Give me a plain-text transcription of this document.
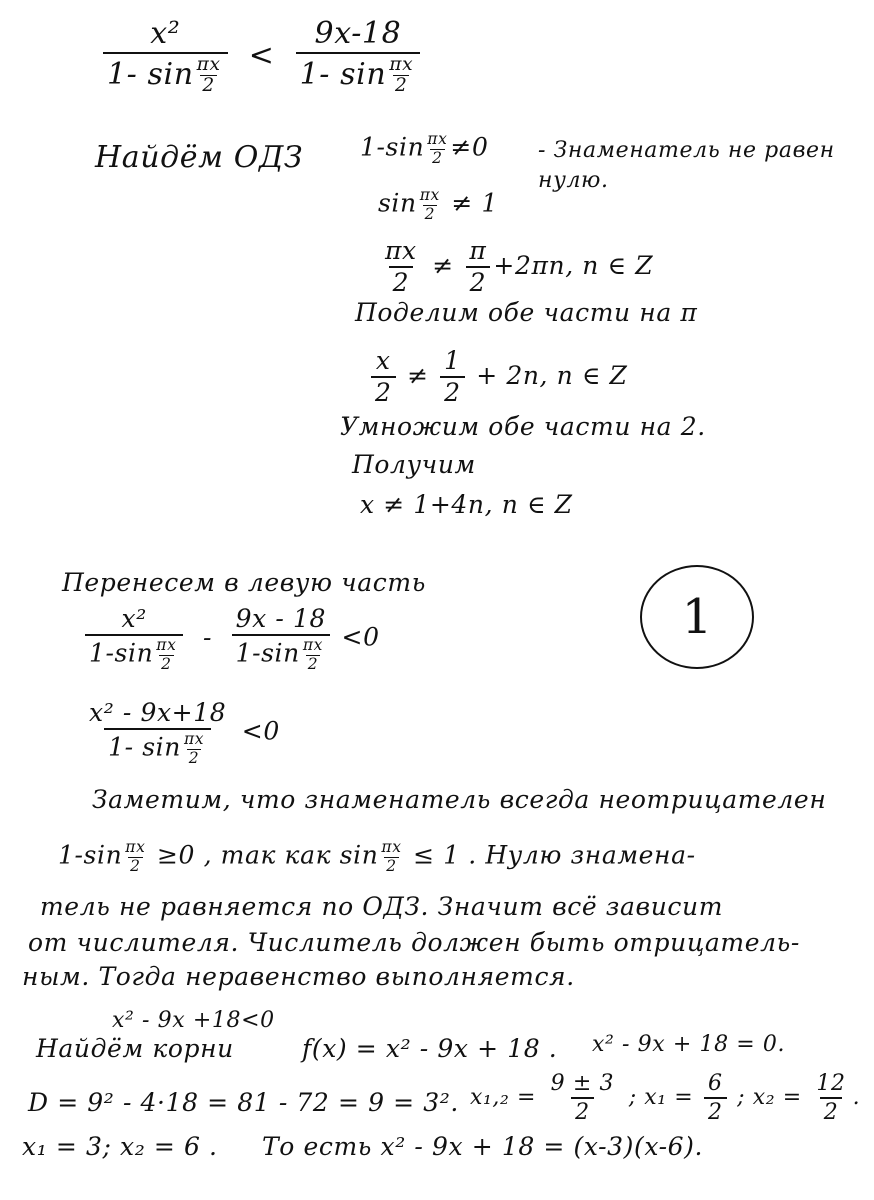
$\frac{\text{x²}}{1- \sin \frac{\pi x}{2}} < \frac{9x-18}{1- \sin \frac{\pi x}{2}}$
Найдём ОДЗ $1-\sin \frac{\pi x}{2} \ne 0$ - Знаменатель не равен нулю.
$\sin \frac{\pi x}{2} \ne 1$
$\frac{\pi x}{2} \ne \frac{\pi}{2} +2\pi n$, n ∈ Z
Поделим обе части на π
$\frac{x}{2} \ne \frac{1}{2} + 2n$, n ∈ Z
Умножим обе части на 2.
Получим
x ≠ 1+4n, n ∈ Z
1
Перенесем в левую часть
$\frac{\text{x²}}{1-\sin \frac{\pi x}{2}} - \frac{9x - 18}{1-\sin \frac{\pi x}{2}} <0$
$\frac{\text{x² - 9x+18}}{1- \sin \frac{\pi x}{2}} <0$
Заметим, что знаменатель всегда неотрицателен
$1-\sin \frac{\pi x}{2} \ge 0$ , так как $\sin \frac{\pi x}{2} \le 1$ . Нулю знамена-
тель не равняется по ОДЗ. Значит всё зависит
от числителя. Числитель должен быть отрицатель-
ным. Тогда неравенство выполняется.
x² - 9x +18<0
Найдём корни	f(x) = x² - 9x + 18 . x² - 9x + 18 = 0.
D = 9² - 4·18 = 81 - 72 = 9 = 3². $x_1,_2 = \frac{9 \pm 3}{2}$ ; $x_1 = \frac{6}{2}$ ; $x_2 = \frac{12}{2}$ .
x₁ = 3; x₂ = 6 . То есть x² - 9x + 18 = (x-3)(x-6).
